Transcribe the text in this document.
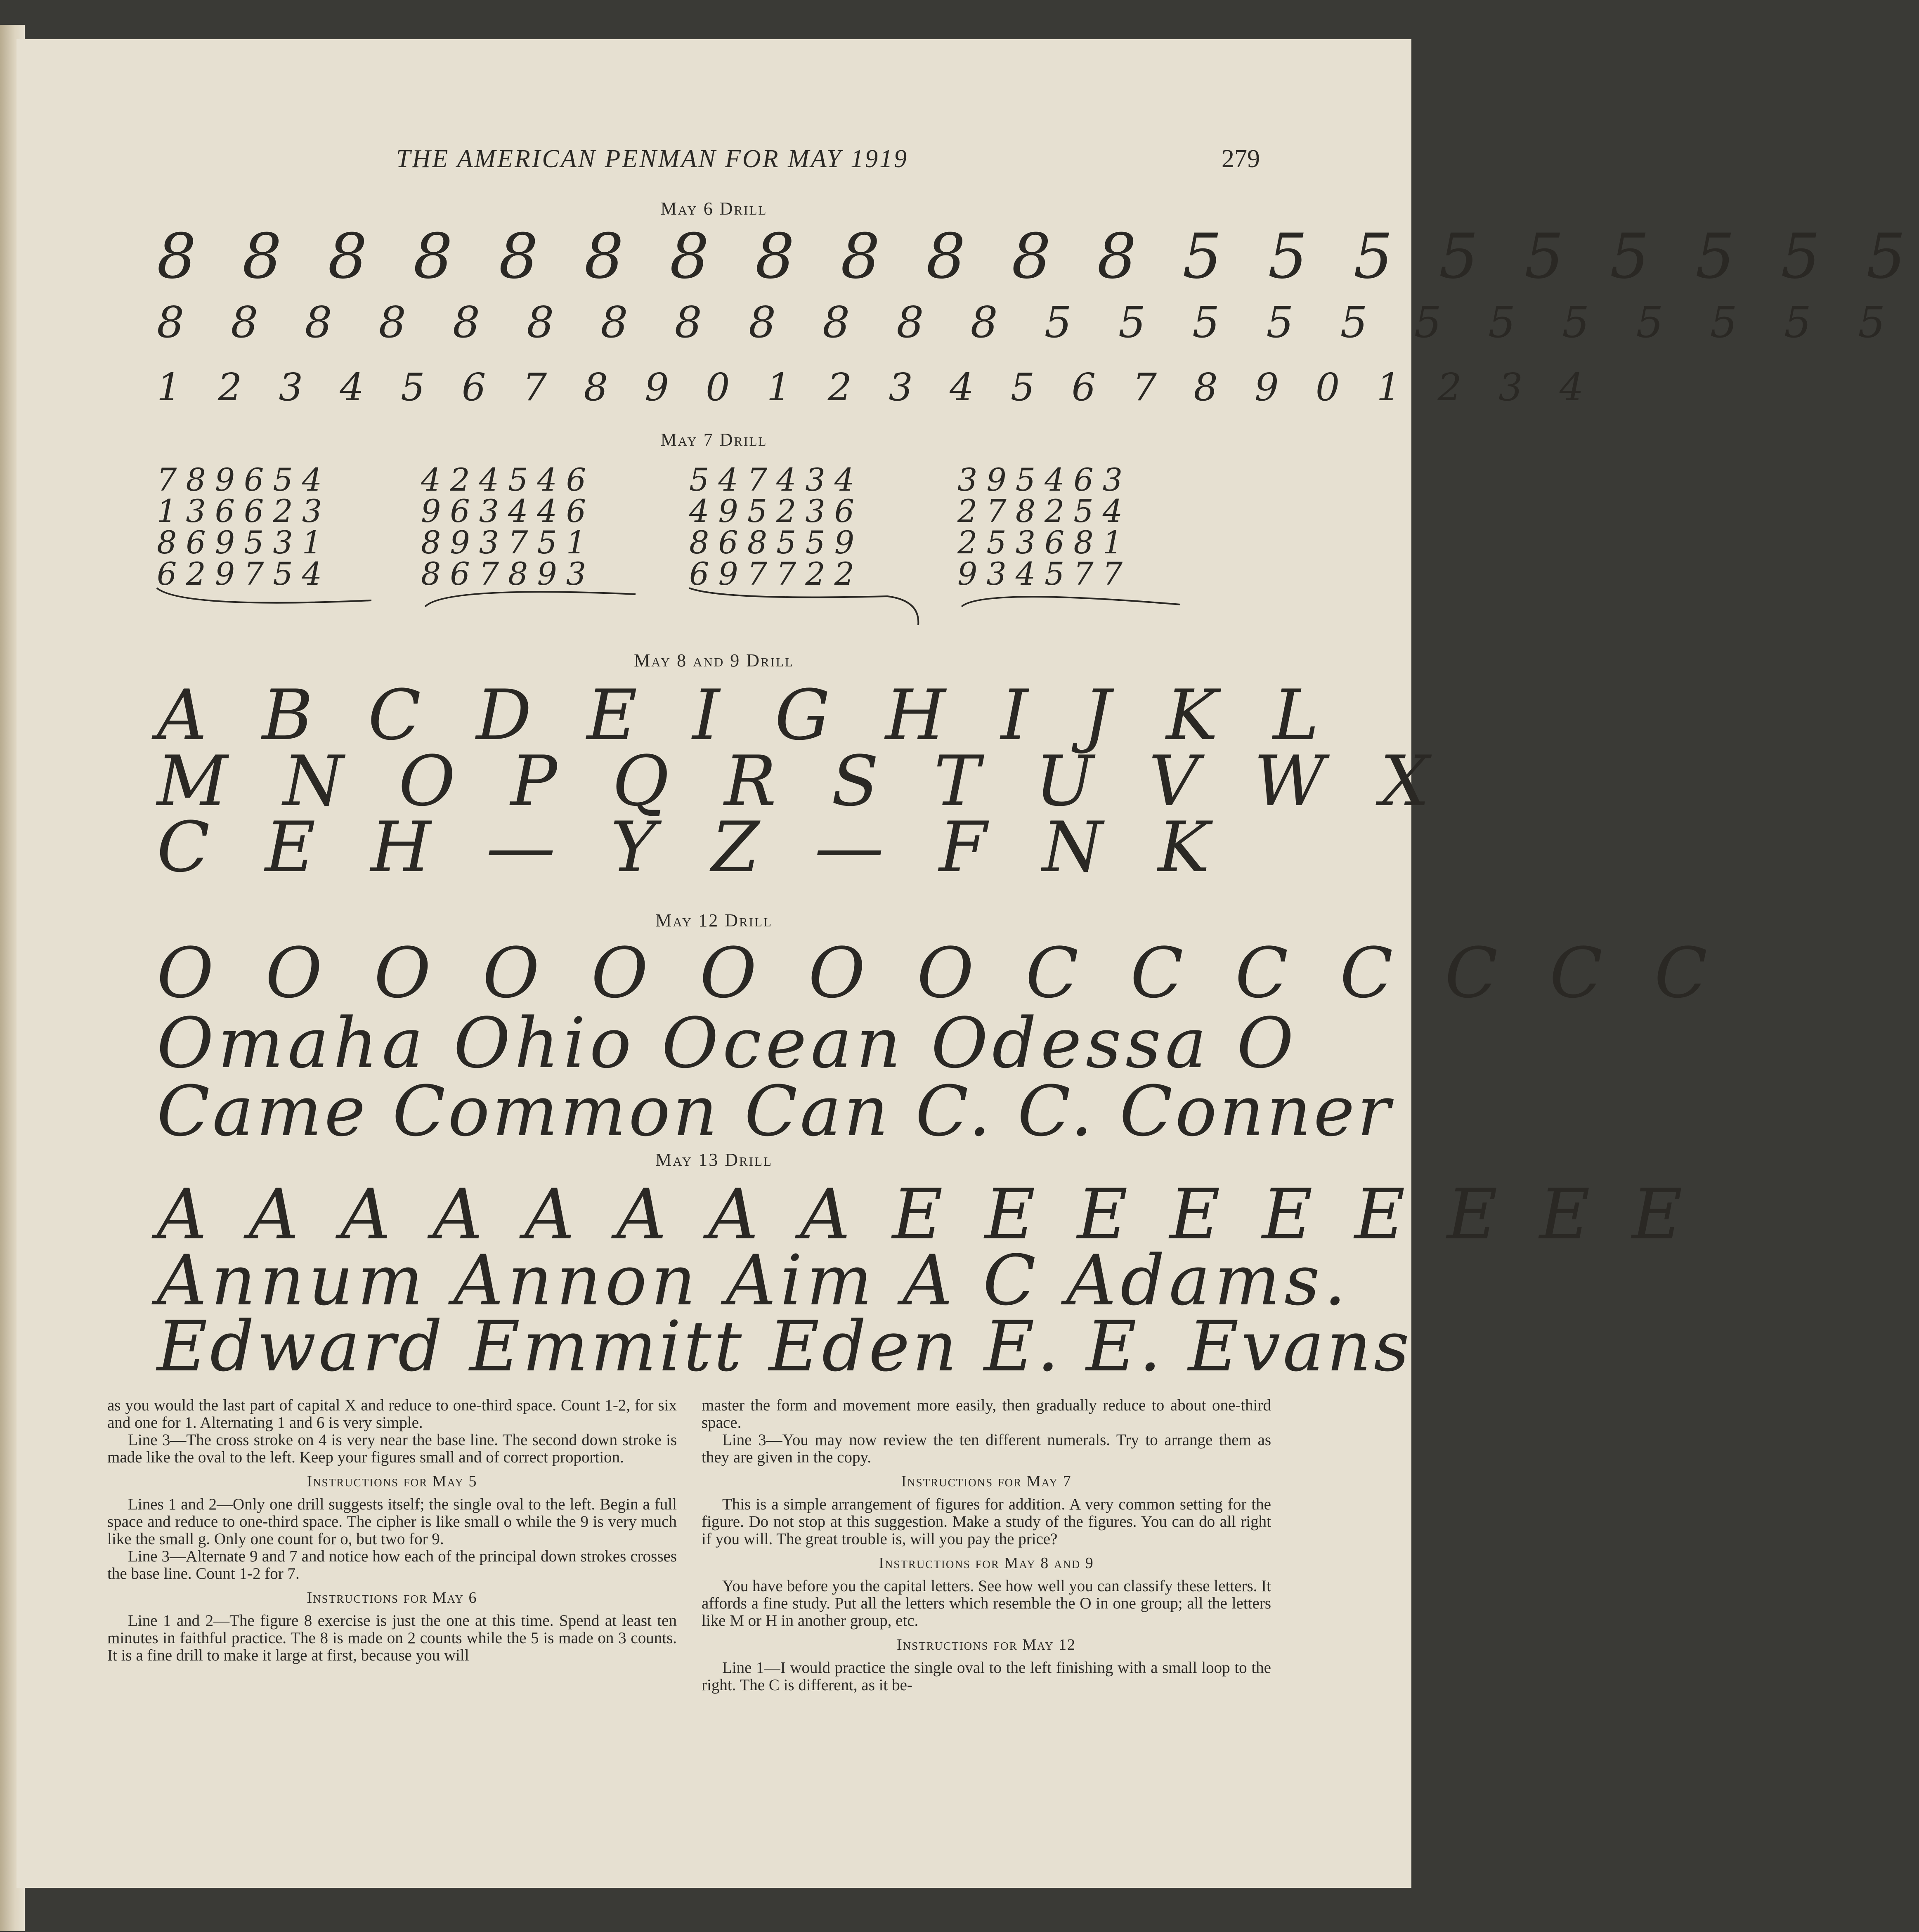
THE AMERICAN PENMAN FOR MAY 1919	279
May 6 Drill
8 8 8 8 8 8 8 8 8 8 8 8 5 5 5 5 5 5 5 5 5
8 8 8 8 8 8 8 8 8 8 8 8 5 5 5 5 5 5 5 5 5 5 5 5
1 2 3 4 5 6 7 8 9 0 1 2 3 4 5 6 7 8 9 0 1 2 3 4
May 7 Drill
789654
136623
869531
629754
424546
963446
893751
867893
547434
495236
868559
697722
395463
278254
253681
934577
May 8 and 9 Drill
A B C D E I G H I J K L
M N O P Q R S T U V W X
C E H — Y Z — F N K
May 12 Drill
O O O O O O O O C C C C C C C
Omaha Ohio Ocean Odessa O
Came Common Can C. C. Conner
May 13 Drill
A A A A A A A A E E E E E E E E E
Annum Annon Aim A C Adams.
Edward Emmitt Eden E. E. Evans

as you would the last part of capital X and reduce to one-third space. Count 1-2, for six and one for 1. Alternating 1 and 6 is very simple.

Line 3—The cross stroke on 4 is very near the base line. The second down stroke is made like the oval to the left. Keep your figures small and of correct proportion.

Instructions for May 5

Lines 1 and 2—Only one drill suggests itself; the single oval to the left. Begin a full space and reduce to one-third space. The cipher is like small o while the 9 is very much like the small g. Only one count for o, but two for 9.

Line 3—Alternate 9 and 7 and notice how each of the principal down strokes crosses the base line. Count 1-2 for 7.

Instructions for May 6

Line 1 and 2—The figure 8 exercise is just the one at this time. Spend at least ten minutes in faithful practice. The 8 is made on 2 counts while the 5 is made on 3 counts. It is a fine drill to make it large at first, because you will

master the form and movement more easily, then gradually reduce to about one-third space.

Line 3—You may now review the ten different numerals. Try to arrange them as they are given in the copy.

Instructions for May 7

This is a simple arrangement of figures for addition. A very common setting for the figure. Do not stop at this suggestion. Make a study of the figures. You can do all right if you will. The great trouble is, will you pay the price?

Instructions for May 8 and 9

You have before you the capital letters. See how well you can classify these letters. It affords a fine study. Put all the letters which resemble the O in one group; all the letters like M or H in another group, etc.

Instructions for May 12

Line 1—I would practice the single oval to the left finishing with a small loop to the right. The C is different, as it be-
